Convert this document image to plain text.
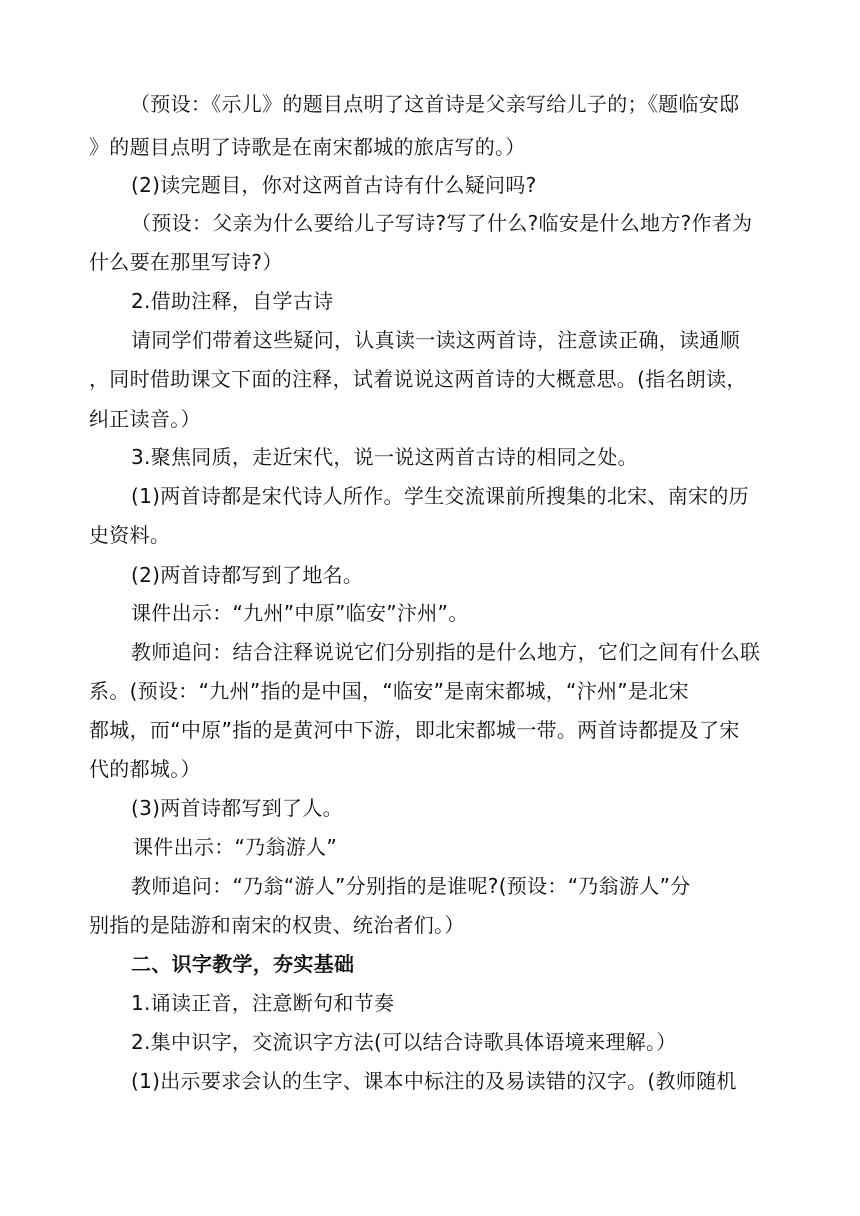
（预设：《示儿》的题目点明了这首诗是父亲写给儿子的；《题临安邸
》的题目点明了诗歌是在南宋都城的旅店写的。）
(2)读完题目，你对这两首古诗有什么疑问吗?
（预设：父亲为什么要给儿子写诗?写了什么?临安是什么地方?作者为
什么要在那里写诗?）
2.借助注释，自学古诗
请同学们带着这些疑问，认真读一读这两首诗，注意读正确，读通顺
，同时借助课文下面的注释，试着说说这两首诗的大概意思。(指名朗读，
纠正读音。）
3.聚焦同质，走近宋代，说一说这两首古诗的相同之处。
(1)两首诗都是宋代诗人所作。学生交流课前所搜集的北宋、南宋的历
史资料。
(2)两首诗都写到了地名。
课件出示：“九州”中原”临安”汴州”。
教师追问：结合注释说说它们分别指的是什么地方，它们之间有什么联
系。(预设：“九州”指的是中国，“临安”是南宋都城，“汴州”是北宋
都城，而“中原”指的是黄河中下游，即北宋都城一带。两首诗都提及了宋
代的都城。）
(3)两首诗都写到了人。
课件出示：“乃翁游人”
教师追问：“乃翁“游人”分别指的是谁呢?(预设：“乃翁游人”分
别指的是陆游和南宋的权贵、统治者们。）
二、识字教学，夯实基础
1.诵读正音，注意断句和节奏
2.集中识字，交流识字方法(可以结合诗歌具体语境来理解。）
(1)出示要求会认的生字、课本中标注的及易读错的汉字。(教师随机
